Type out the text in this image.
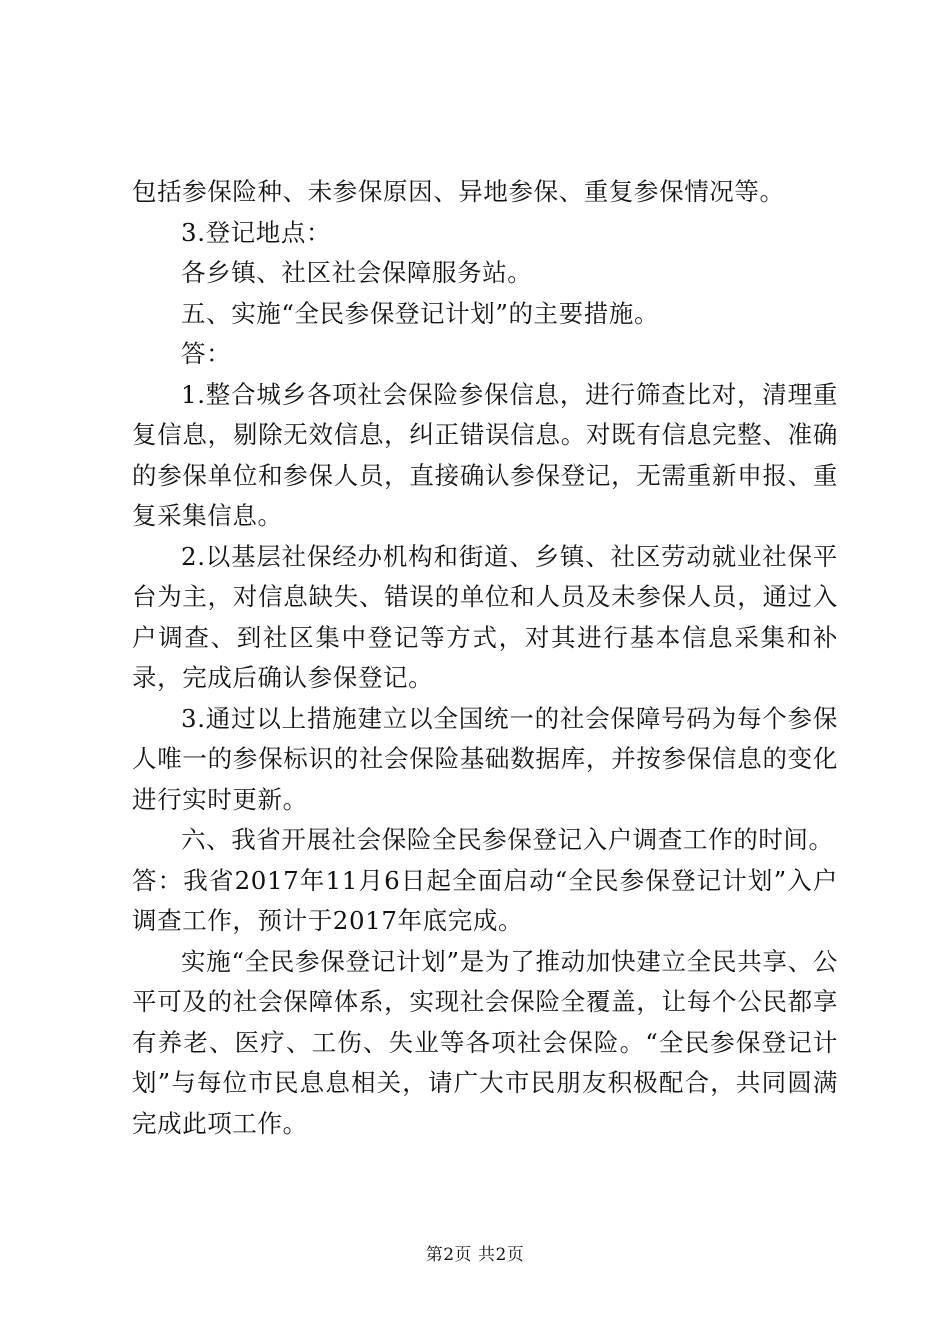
包括参保险种、未参保原因、异地参保、重复参保情况等。

3.登记地点：

各乡镇、社区社会保障服务站。

五、实施“全民参保登记计划”的主要措施。

答：

1.整合城乡各项社会保险参保信息，进行筛查比对，清理重复信息，剔除无效信息，纠正错误信息。对既有信息完整、准确的参保单位和参保人员，直接确认参保登记，无需重新申报、重复采集信息。

2.以基层社保经办机构和街道、乡镇、社区劳动就业社保平台为主，对信息缺失、错误的单位和人员及未参保人员，通过入户调查、到社区集中登记等方式，对其进行基本信息采集和补录，完成后确认参保登记。

3.通过以上措施建立以全国统一的社会保障号码为每个参保人唯一的参保标识的社会保险基础数据库，并按参保信息的变化进行实时更新。

六、我省开展社会保险全民参保登记入户调查工作的时间。

答：我省2017年11月6日起全面启动“全民参保登记计划”入户调查工作，预计于2017年底完成。

实施“全民参保登记计划”是为了推动加快建立全民共享、公平可及的社会保障体系，实现社会保险全覆盖，让每个公民都享有养老、医疗、工伤、失业等各项社会保险。“全民参保登记计划”与每位市民息息相关，请广大市民朋友积极配合，共同圆满完成此项工作。

第2页 共2页
